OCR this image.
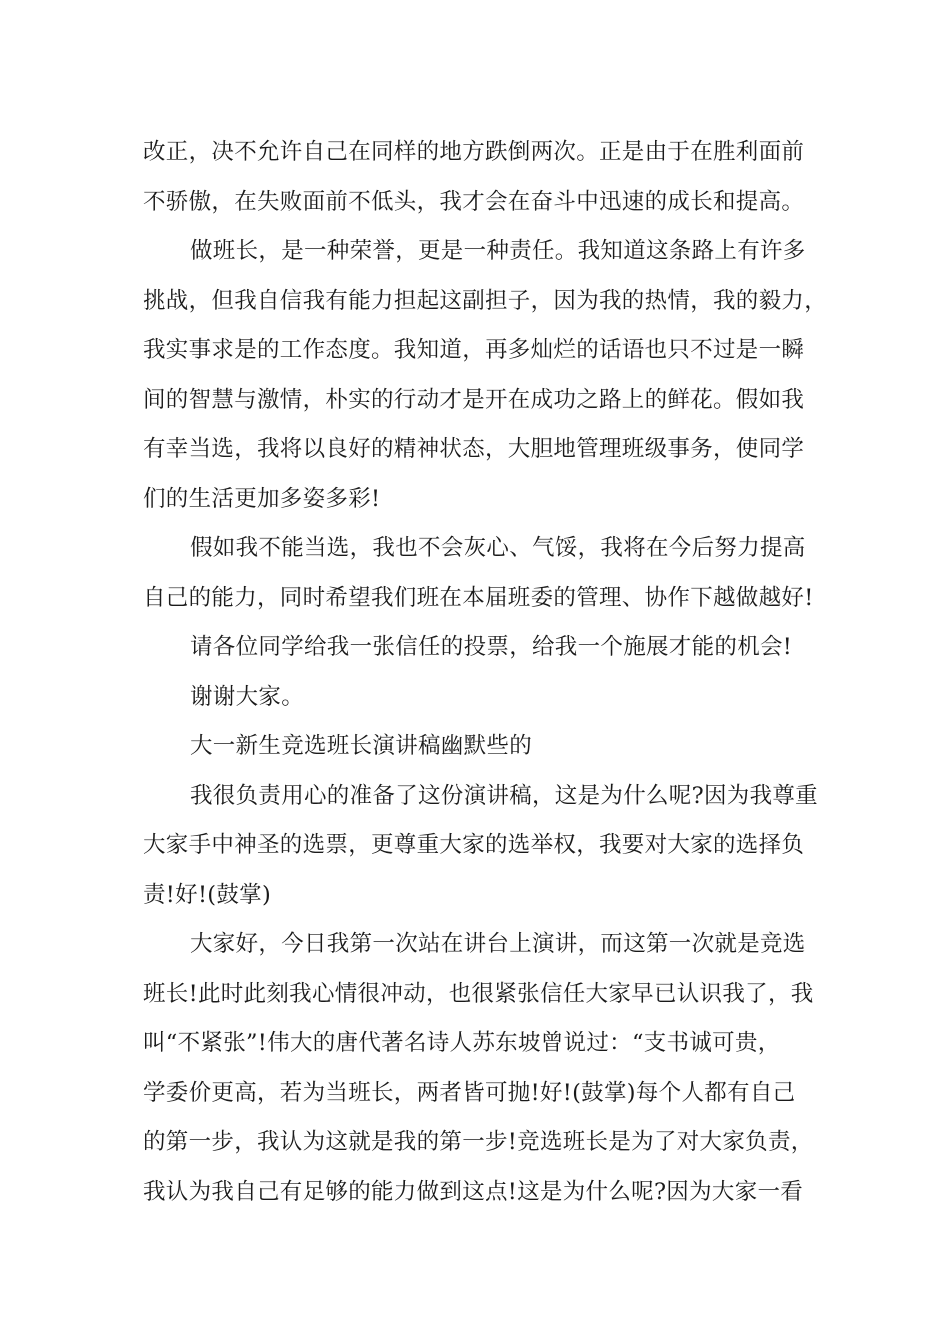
改正，决不允许自己在同样的地方跌倒两次。正是由于在胜利面前
不骄傲，在失败面前不低头，我才会在奋斗中迅速的成长和提高。
做班长，是一种荣誉，更是一种责任。我知道这条路上有许多
挑战，但我自信我有能力担起这副担子，因为我的热情，我的毅力，
我实事求是的工作态度。我知道，再多灿烂的话语也只不过是一瞬
间的智慧与激情，朴实的行动才是开在成功之路上的鲜花。假如我
有幸当选，我将以良好的精神状态，大胆地管理班级事务，使同学
们的生活更加多姿多彩!
假如我不能当选，我也不会灰心、气馁，我将在今后努力提高
自己的能力，同时希望我们班在本届班委的管理、协作下越做越好!
请各位同学给我一张信任的投票，给我一个施展才能的机会!
谢谢大家。
大一新生竞选班长演讲稿幽默些的
我很负责用心的准备了这份演讲稿，这是为什么呢?因为我尊重
大家手中神圣的选票，更尊重大家的选举权，我要对大家的选择负
责!好!(鼓掌)
大家好，今日我第一次站在讲台上演讲，而这第一次就是竞选
班长!此时此刻我心情很冲动，也很紧张信任大家早已认识我了，我
叫“不紧张”!伟大的唐代著名诗人苏东坡曾说过：“支书诚可贵，
学委价更高，若为当班长，两者皆可抛!好!(鼓掌)每个人都有自己
的第一步，我认为这就是我的第一步!竞选班长是为了对大家负责，
我认为我自己有足够的能力做到这点!这是为什么呢?因为大家一看
